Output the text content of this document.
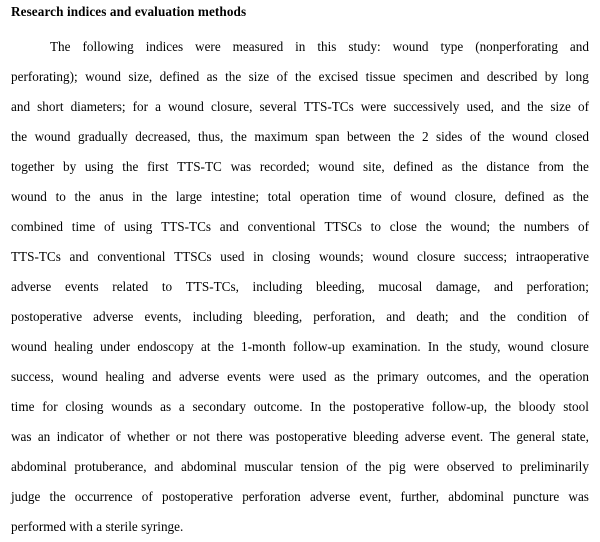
Research indices and evaluation methods
The following indices were measured in this study: wound type (nonperforating and
perforating); wound size, defined as the size of the excised tissue specimen and described by long
and short diameters; for a wound closure, several TTS-TCs were successively used, and the size of
the wound gradually decreased, thus, the maximum span between the 2 sides of the wound closed
together by using the first TTS-TC was recorded; wound site, defined as the distance from the
wound to the anus in the large intestine; total operation time of wound closure, defined as the
combined time of using TTS-TCs and conventional TTSCs to close the wound; the numbers of
TTS-TCs and conventional TTSCs used in closing wounds; wound closure success; intraoperative
adverse events related to TTS-TCs, including bleeding, mucosal damage, and perforation;
postoperative adverse events, including bleeding, perforation, and death; and the condition of
wound healing under endoscopy at the 1-month follow-up examination. In the study, wound closure
success, wound healing and adverse events were used as the primary outcomes, and the operation
time for closing wounds as a secondary outcome. In the postoperative follow-up, the bloody stool
was an indicator of whether or not there was postoperative bleeding adverse event. The general state,
abdominal protuberance, and abdominal muscular tension of the pig were observed to preliminarily
judge the occurrence of postoperative perforation adverse event, further, abdominal puncture was
performed with a sterile syringe.
